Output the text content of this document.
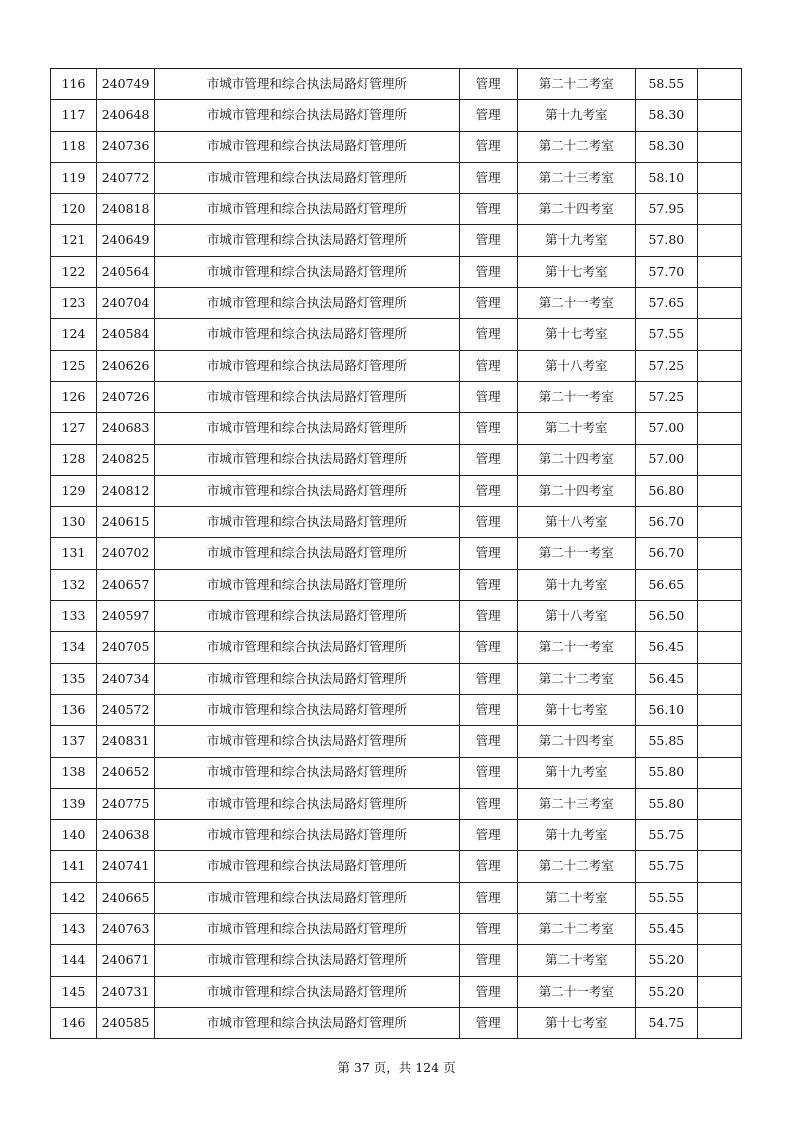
116	240749	市城市管理和综合执法局路灯管理所	管理	第二十二考室	58.55	
117	240648	市城市管理和综合执法局路灯管理所	管理	第十九考室	58.30	
118	240736	市城市管理和综合执法局路灯管理所	管理	第二十二考室	58.30	
119	240772	市城市管理和综合执法局路灯管理所	管理	第二十三考室	58.10	
120	240818	市城市管理和综合执法局路灯管理所	管理	第二十四考室	57.95	
121	240649	市城市管理和综合执法局路灯管理所	管理	第十九考室	57.80	
122	240564	市城市管理和综合执法局路灯管理所	管理	第十七考室	57.70	
123	240704	市城市管理和综合执法局路灯管理所	管理	第二十一考室	57.65	
124	240584	市城市管理和综合执法局路灯管理所	管理	第十七考室	57.55	
125	240626	市城市管理和综合执法局路灯管理所	管理	第十八考室	57.25	
126	240726	市城市管理和综合执法局路灯管理所	管理	第二十一考室	57.25	
127	240683	市城市管理和综合执法局路灯管理所	管理	第二十考室	57.00	
128	240825	市城市管理和综合执法局路灯管理所	管理	第二十四考室	57.00	
129	240812	市城市管理和综合执法局路灯管理所	管理	第二十四考室	56.80	
130	240615	市城市管理和综合执法局路灯管理所	管理	第十八考室	56.70	
131	240702	市城市管理和综合执法局路灯管理所	管理	第二十一考室	56.70	
132	240657	市城市管理和综合执法局路灯管理所	管理	第十九考室	56.65	
133	240597	市城市管理和综合执法局路灯管理所	管理	第十八考室	56.50	
134	240705	市城市管理和综合执法局路灯管理所	管理	第二十一考室	56.45	
135	240734	市城市管理和综合执法局路灯管理所	管理	第二十二考室	56.45	
136	240572	市城市管理和综合执法局路灯管理所	管理	第十七考室	56.10	
137	240831	市城市管理和综合执法局路灯管理所	管理	第二十四考室	55.85	
138	240652	市城市管理和综合执法局路灯管理所	管理	第十九考室	55.80	
139	240775	市城市管理和综合执法局路灯管理所	管理	第二十三考室	55.80	
140	240638	市城市管理和综合执法局路灯管理所	管理	第十九考室	55.75	
141	240741	市城市管理和综合执法局路灯管理所	管理	第二十二考室	55.75	
142	240665	市城市管理和综合执法局路灯管理所	管理	第二十考室	55.55	
143	240763	市城市管理和综合执法局路灯管理所	管理	第二十二考室	55.45	
144	240671	市城市管理和综合执法局路灯管理所	管理	第二十考室	55.20	
145	240731	市城市管理和综合执法局路灯管理所	管理	第二十一考室	55.20	
146	240585	市城市管理和综合执法局路灯管理所	管理	第十七考室	54.75	
第 37 页，共 124 页
